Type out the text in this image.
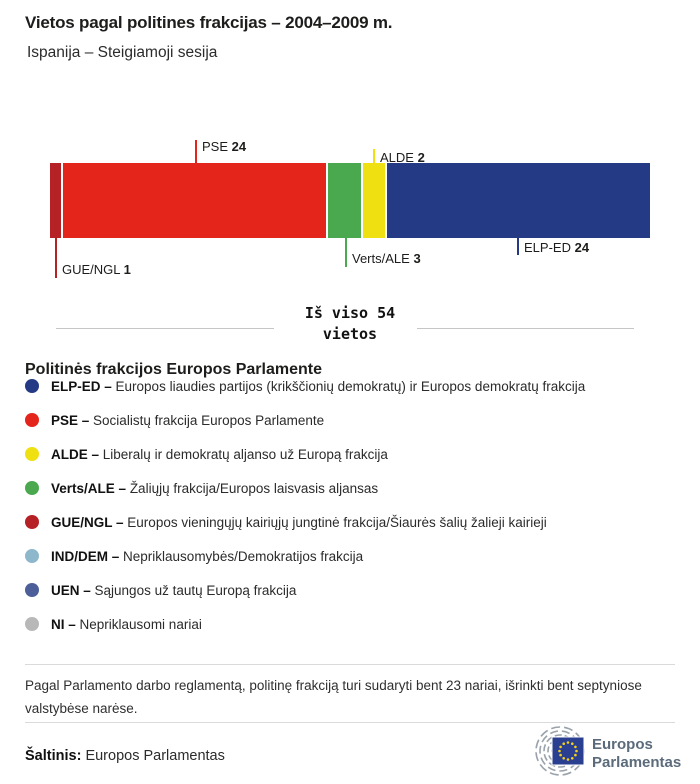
Vietos pagal politines frakcijas – 2004–2009 m.
Ispanija – Steigiamoji sesija
PSE 24
ALDE 2
ELP-ED 24
Verts/ALE 3
GUE/NGL 1
Iš viso 54
vietos
Politinės frakcijos Europos Parlamente
ELP-ED – Europos liaudies partijos (krikščionių demokratų) ir Europos demokratų frakcija
PSE – Socialistų frakcija Europos Parlamente
ALDE – Liberalų ir demokratų aljanso už Europą frakcija
Verts/ALE – Žaliųjų frakcija/Europos laisvasis aljansas
GUE/NGL – Europos vieningųjų kairiųjų jungtinė frakcija/Šiaurės šalių žalieji kairieji
IND/DEM – Nepriklausomybės/Demokratijos frakcija
UEN – Sąjungos už tautų Europą frakcija
NI – Nepriklausomi nariai

Pagal Parlamento darbo reglamentą, politinę frakciją turi sudaryti bent 23 nariai, išrinkti bent septyniose valstybėse narėse.

Šaltinis: Europos Parlamentas

Europos
Parlamentas
